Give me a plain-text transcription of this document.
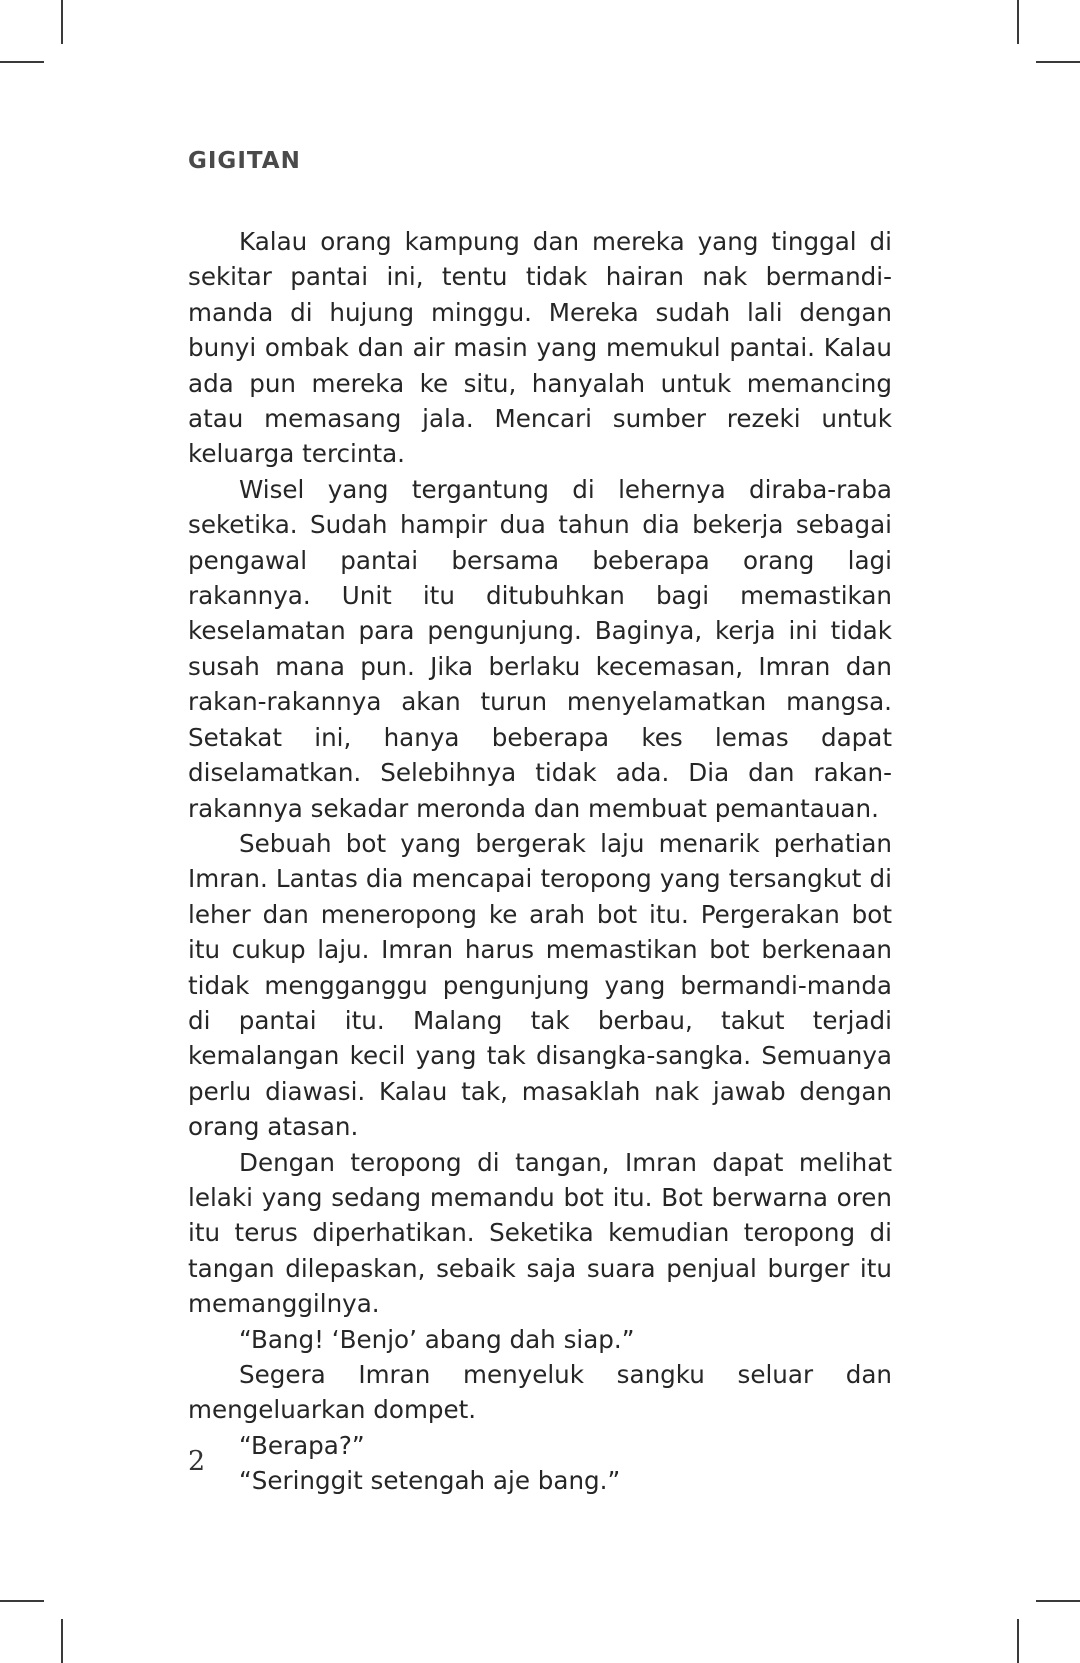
GIGITAN

Kalau orang kampung dan mereka yang tinggal di sekitar pantai ini, tentu tidak hairan nak bermandi-manda di hujung minggu. Mereka sudah lali dengan bunyi ombak dan air masin yang memukul pantai. Kalau ada pun mereka ke situ, hanyalah untuk memancing atau memasang jala. Mencari sumber rezeki untuk keluarga tercinta.

Wisel yang tergantung di lehernya diraba-raba seketika. Sudah hampir dua tahun dia bekerja sebagai pengawal pantai bersama beberapa orang lagi rakannya. Unit itu ditubuhkan bagi memastikan keselamatan para pengunjung. Baginya, kerja ini tidak susah mana pun. Jika berlaku kecemasan, Imran dan rakan-rakannya akan turun menyelamatkan mangsa. Setakat ini, hanya beberapa kes lemas dapat diselamatkan. Selebihnya tidak ada. Dia dan rakan-rakannya sekadar meronda dan membuat pemantauan.

Sebuah bot yang bergerak laju menarik perhatian Imran. Lantas dia mencapai teropong yang tersangkut di leher dan meneropong ke arah bot itu. Pergerakan bot itu cukup laju. Imran harus memastikan bot berkenaan tidak mengganggu pengunjung yang bermandi-manda di pantai itu. Malang tak berbau, takut terjadi kemalangan kecil yang tak disangka-sangka. Semuanya perlu diawasi. Kalau tak, masaklah nak jawab dengan orang atasan.

Dengan teropong di tangan, Imran dapat melihat lelaki yang sedang memandu bot itu. Bot berwarna oren itu terus diperhatikan. Seketika kemudian teropong di tangan dilepaskan, sebaik saja suara penjual burger itu memanggilnya.

“Bang! ‘Benjo’ abang dah siap.”

Segera Imran menyeluk sangku seluar dan mengeluarkan dompet.

“Berapa?”

“Seringgit setengah aje bang.”

2
